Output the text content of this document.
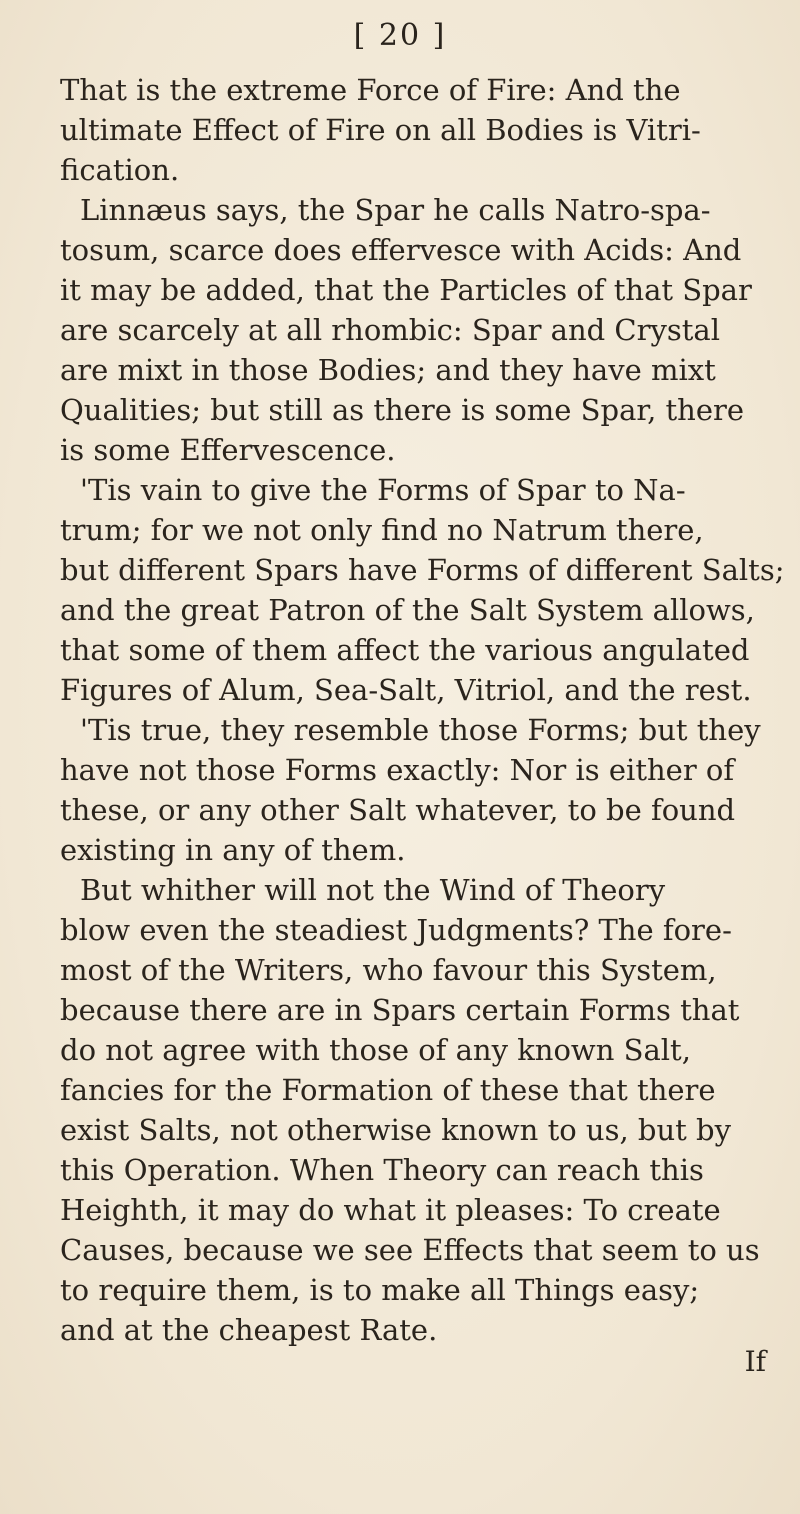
[ 20 ]
That is the extreme Force of Fire: And the
ultimate Effect of Fire on all Bodies is Vitri-
fication.
Linnæus says, the Spar he calls Natro-spa-
tosum, scarce does effervesce with Acids: And
it may be added, that the Particles of that Spar
are scarcely at all rhombic: Spar and Crystal
are mixt in those Bodies; and they have mixt
Qualities; but still as there is some Spar, there
is some Effervescence.
'Tis vain to give the Forms of Spar to Na-
trum; for we not only find no Natrum there,
but different Spars have Forms of different Salts;
and the great Patron of the Salt System allows,
that some of them affect the various angulated
Figures of Alum, Sea-Salt, Vitriol, and the rest.
'Tis true, they resemble those Forms; but they
have not those Forms exactly: Nor is either of
these, or any other Salt whatever, to be found
existing in any of them.
But whither will not the Wind of Theory
blow even the steadiest Judgments? The fore-
most of the Writers, who favour this System,
because there are in Spars certain Forms that
do not agree with those of any known Salt,
fancies for the Formation of these that there
exist Salts, not otherwise known to us, but by
this Operation. When Theory can reach this
Heighth, it may do what it pleases: To create
Causes, because we see Effects that seem to us
to require them, is to make all Things easy;
and at the cheapest Rate.
If
